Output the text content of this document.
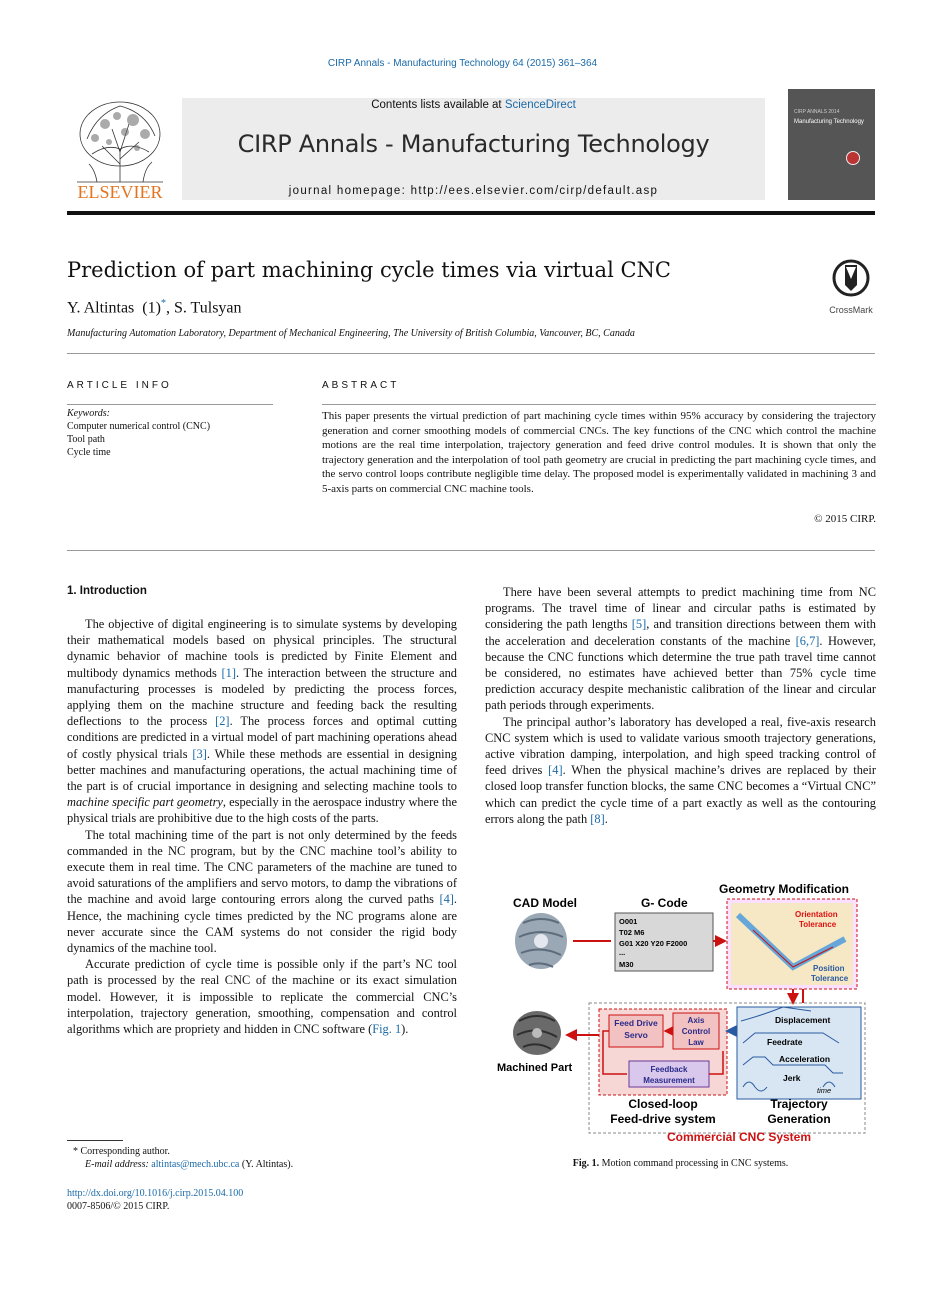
CIRP Annals - Manufacturing Technology 64 (2015) 361–364
ELSEVIER
Contents lists available at ScienceDirect
CIRP Annals - Manufacturing Technology
journal homepage: http://ees.elsevier.com/cirp/default.asp
CIRP ANNALS 2014
Manufacturing Technology
Prediction of part machining cycle times via virtual CNC
CrossMark
Y. Altintas (1)*, S. Tulsyan
Manufacturing Automation Laboratory, Department of Mechanical Engineering, The University of British Columbia, Vancouver, BC, Canada
ARTICLE INFO
Keywords:
Computer numerical control (CNC)
Tool path
Cycle time
ABSTRACT
This paper presents the virtual prediction of part machining cycle times within 95% accuracy by considering the trajectory generation and corner smoothing models of commercial CNCs. The key functions of the CNC which control the machine motions are the real time interpolation, trajectory generation and feed drive control modules. It is shown that only the trajectory generation and the interpolation of tool path geometry are crucial in predicting the part machining cycle times, and the servo control loops contribute negligible time delay. The proposed model is experimentally validated in machining 3 and 5-axis parts on commercial CNC machine tools.
© 2015 CIRP.
1. Introduction

The objective of digital engineering is to simulate systems by developing their mathematical models based on physical principles. The structural dynamic behavior of machine tools is predicted by Finite Element and multibody dynamics methods [1]. The interaction between the structure and manufacturing processes is modeled by predicting the process forces, applying them on the machine structure and feeding back the resulting deflections to the process [2]. The process forces and optimal cutting conditions are predicted in a virtual model of part machining operations ahead of costly physical trials [3]. While these methods are essential in designing better machines and manufacturing operations, the actual machining time of the part is of crucial importance in designing and selecting machine tools to machine specific part geometry, especially in the aerospace industry where the physical trials are prohibitive due to the high costs of the parts.

The total machining time of the part is not only determined by the feeds commanded in the NC program, but by the CNC machine tool’s ability to execute them in real time. The CNC parameters of the machine are tuned to avoid saturations of the amplifiers and servo motors, to damp the vibrations of the machine and avoid large contouring errors along the curved paths [4]. Hence, the machining cycle times predicted by the NC programs alone are never accurate since the CAM systems do not consider the rigid body dynamics of the machine tool.

Accurate prediction of cycle time is possible only if the part’s NC tool path is processed by the real CNC of the machine or its exact simulation model. However, it is impossible to replicate the commercial CNC’s interpolation, trajectory generation, smoothing, compensation and control algorithms which are propriety and hidden in CNC software (Fig. 1).

There have been several attempts to predict machining time from NC programs. The travel time of linear and circular paths is estimated by considering the path lengths [5], and transition directions between them with the acceleration and deceleration constants of the machine [6,7]. However, because the CNC functions which determine the true path travel time cannot be considered, no estimates have achieved better than 75% cycle time prediction accuracy despite mechanistic calibration of the linear and circular path periods through experiments.

The principal author’s laboratory has developed a real, five-axis research CNC system which is used to validate various smooth trajectory generations, active vibration damping, interpolation, and high speed tracking control of feed drives [4]. When the physical machine’s drives are replaced by their closed loop transfer function blocks, the same CNC becomes a “Virtual CNC” which can predict the cycle time of a part exactly as well as the contouring errors along the path [8].

CAD Model	G- Code
O001
T02 M6
G01 X20 Y20 F2000
...
M30
Geometry Modification
Orientation
Tolerance
Position
Tolerance
Machined Part
Feed Drive
Servo
Axis
Control
Law
Feedback
Measurement
Closed-loop
Feed-drive system
Displacement
Feedrate
Acceleration
Jerk
time
Trajectory
Generation
Commercial CNC System
Fig. 1. Motion command processing in CNC systems.
* Corresponding author.
E-mail address: altintas@mech.ubc.ca (Y. Altintas).
http://dx.doi.org/10.1016/j.cirp.2015.04.100
0007-8506/© 2015 CIRP.
